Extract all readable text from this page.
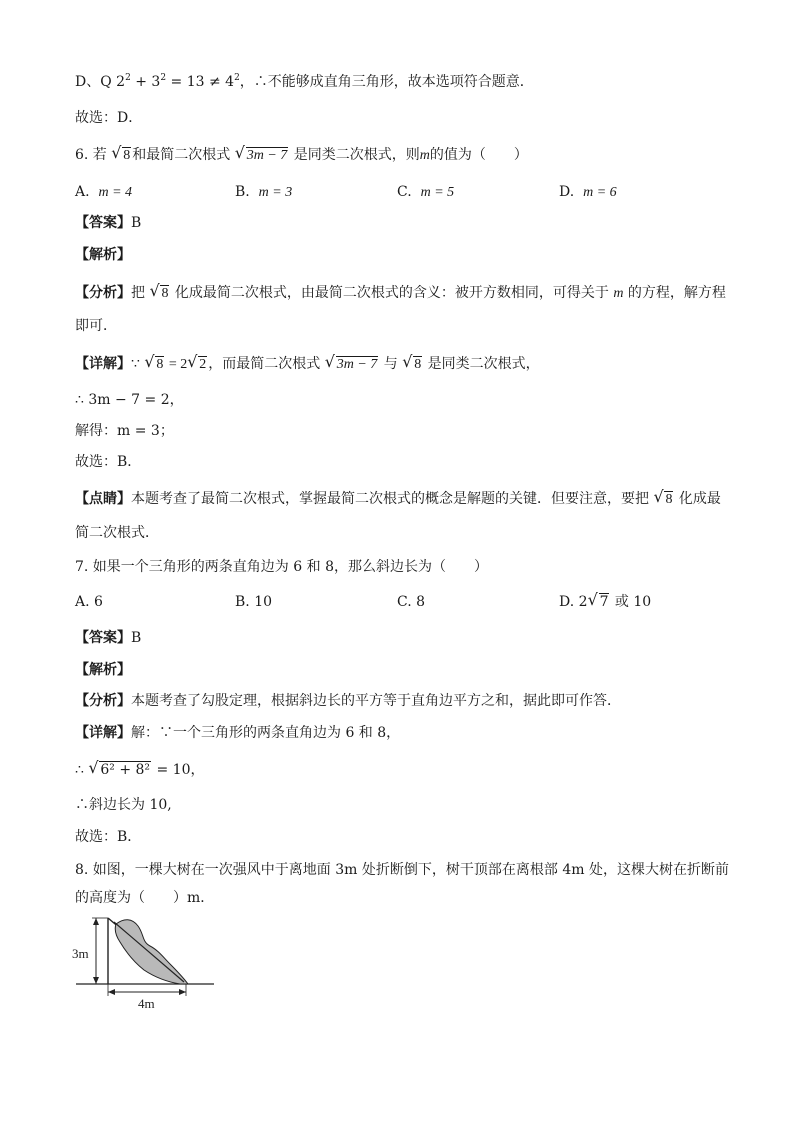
D、Q $2^2 + 3^2 = 13 \ne 4^2$，∴不能够成直角三角形，故本选项符合题意．
故选：D．
6. 若 √ 8 和最简二次根式 √ 3m − 7 是同类二次根式，则m的值为（　　）
A. m = 4	B. m = 3	C. m = 5	D. m = 6
【答案】B
【解析】
【分析】把 √ 8 化成最简二次根式，由最简二次根式的含义：被开方数相同，可得关于 m 的方程，解方程
即可．
【详解】∵ √ 8 = 2 √ 2 ，而最简二次根式 √ 3m − 7 与 √ 8 是同类二次根式，
∴ 3m − 7 = 2，
解得：m = 3；
故选：B．
【点睛】本题考查了最简二次根式，掌握最简二次根式的概念是解题的关键．但要注意，要把 √ 8 化成最
简二次根式．
7. 如果一个三角形的两条直角边为 6 和 8，那么斜边长为（　　）
A. 6	B. 10	C. 8	D. 2 √ 7 或 10
【答案】B
【解析】
【分析】本题考查了勾股定理，根据斜边长的平方等于直角边平方之和，据此即可作答．
【详解】解：∵一个三角形的两条直角边为 6 和 8，
∴ √ 6² + 8² = 10，
∴斜边长为 10,
故选：B．
8. 如图，一棵大树在一次强风中于离地面 3m 处折断倒下，树干顶部在离根部 4m 处，这棵大树在折断前
的高度为（　　）m．
3m
4m
